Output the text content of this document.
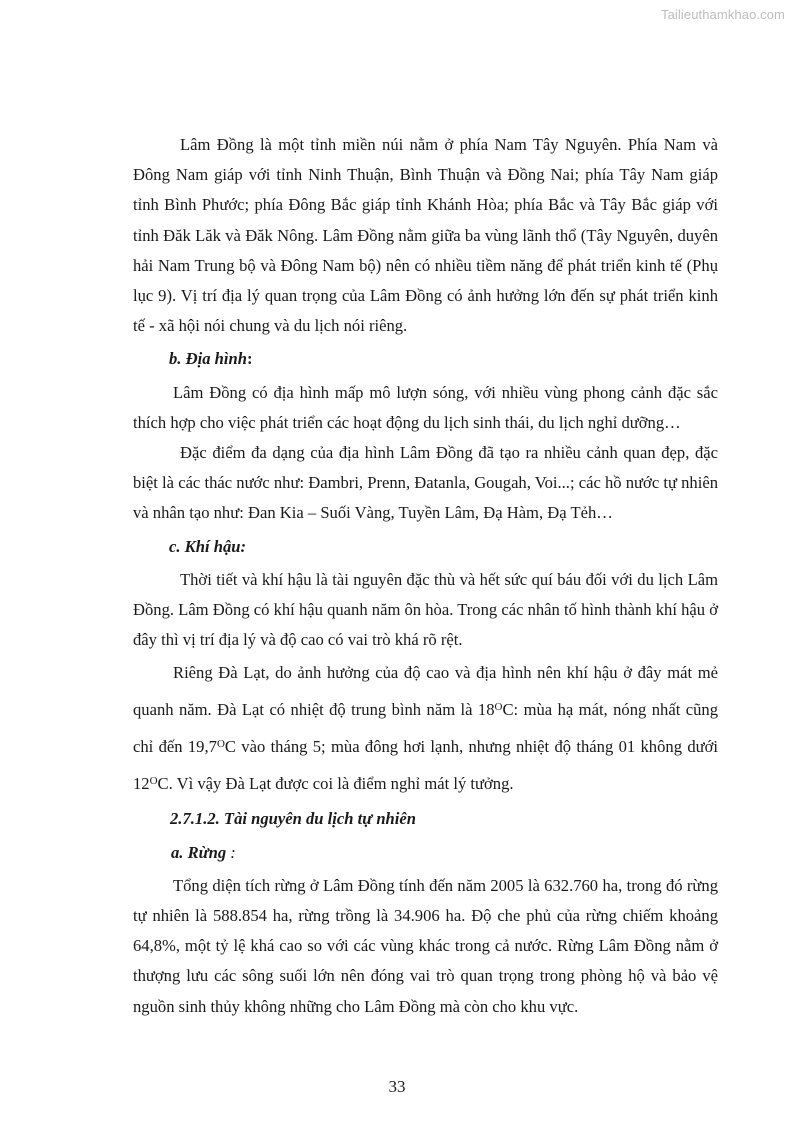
Tailieuthamkhao.com

Lâm Đồng là một tỉnh miền núi nằm ở phía Nam Tây Nguyên. Phía Nam và Đông Nam giáp với tỉnh Ninh Thuận, Bình Thuận và Đồng Nai; phía Tây Nam giáp tỉnh Bình Phước; phía Đông Bắc giáp tỉnh Khánh Hòa; phía Bắc và Tây Bắc giáp với tỉnh Đăk Lăk và Đăk Nông. Lâm Đồng nằm giữa ba vùng lãnh thổ (Tây Nguyên, duyên hải Nam Trung bộ và Đông Nam bộ) nên có nhiều tiềm năng để phát triển kinh tế (Phụ lục 9). Vị trí địa lý quan trọng của Lâm Đồng có ảnh hưởng lớn đến sự phát triển kinh tế - xã hội nói chung và du lịch nói riêng.

b. Địa hình:

Lâm Đồng có địa hình mấp mô lượn sóng, với nhiều vùng phong cảnh đặc sắc thích hợp cho việc phát triển các hoạt động du lịch sinh thái, du lịch nghỉ dưỡng…

Đặc điểm đa dạng của địa hình Lâm Đồng đã tạo ra nhiều cảnh quan đẹp, đặc biệt là các thác nước như: Đambri, Prenn, Đatanla, Gougah, Voi...; các hồ nước tự nhiên và nhân tạo như: Đan Kia – Suối Vàng, Tuyền Lâm, Đạ Hàm, Đạ Tẻh…

c. Khí hậu:

Thời tiết và khí hậu là tài nguyên đặc thù và hết sức quí báu đối với du lịch Lâm Đồng. Lâm Đồng có khí hậu quanh năm ôn hòa. Trong các nhân tố hình thành khí hậu ở đây thì vị trí địa lý và độ cao có vai trò khá rõ rệt.

Riêng Đà Lạt, do ảnh hưởng của độ cao và địa hình nên khí hậu ở đây mát mẻ quanh năm. Đà Lạt có nhiệt độ trung bình năm là $18^OC$: mùa hạ mát, nóng nhất cũng chỉ đến $19,7^OC$ vào tháng 5; mùa đông hơi lạnh, nhưng nhiệt độ tháng 01 không dưới $12^OC$. Vì vậy Đà Lạt được coi là điểm nghỉ mát lý tưởng.

2.7.1.2. Tài nguyên du lịch tự nhiên
a. Rừng :

Tổng diện tích rừng ở Lâm Đồng tính đến năm 2005 là 632.760 ha, trong đó rừng tự nhiên là 588.854 ha, rừng trồng là 34.906 ha. Độ che phủ của rừng chiếm khoảng 64,8%, một tỷ lệ khá cao so với các vùng khác trong cả nước. Rừng Lâm Đồng nằm ở thượng lưu các sông suối lớn nên đóng vai trò quan trọng trong phòng hộ và bảo vệ nguồn sinh thủy không những cho Lâm Đồng mà còn cho khu vực.

33
